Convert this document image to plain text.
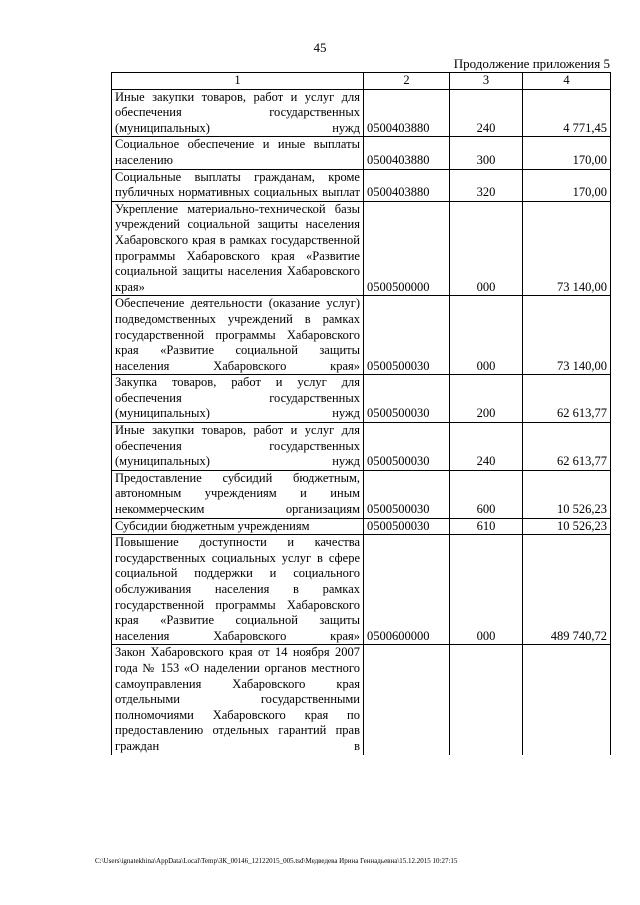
45
Продолжение приложения 5
1	2	3	4
Иные закупки товаров, работ и услуг для обеспечения государственных (муниципальных) нужд	0500403880	240	4 771,45
Социальное обеспечение и иные выплаты населению	0500403880	300	170,00
Социальные выплаты гражданам, кроме публичных нормативных социальных выплат	0500403880	320	170,00
Укрепление материально-технической базы учреждений социальной защиты населения Хабаровского края в рамках государственной программы Хабаровского края «Развитие социальной защиты населения Хабаровского края»	0500500000	000	73 140,00
Обеспечение деятельности (оказание услуг) подведомственных учреждений в рамках государственной программы Хабаровского края «Развитие социальной защиты населения Хабаровского края»	0500500030	000	73 140,00
Закупка товаров, работ и услуг для обеспечения государственных (муниципальных) нужд	0500500030	200	62 613,77
Иные закупки товаров, работ и услуг для обеспечения государственных (муниципальных) нужд	0500500030	240	62 613,77
Предоставление субсидий бюджетным, автономным учреждениям и иным некоммерческим организациям	0500500030	600	10 526,23
Субсидии бюджетным учреждениям	0500500030	610	10 526,23
Повышение доступности и качества государственных социальных услуг в сфере социальной поддержки и социального обслуживания населения в рамках государственной программы Хабаровского края «Развитие социальной защиты населения Хабаровского края»	0500600000	000	489 740,72
Закон Хабаровского края от 14 ноября 2007 года № 153 «О наделении органов местного самоуправления Хабаровского края отдельными государственными полномочиями Хабаровского края по предоставлению отдельных гарантий прав граждан в			
C:\Users\ignatekhina\AppData\Local\Temp\ЗК_00146_12122015_005.tsd\Медведева Ирина Геннадьевна\15.12.2015 10:27:15
